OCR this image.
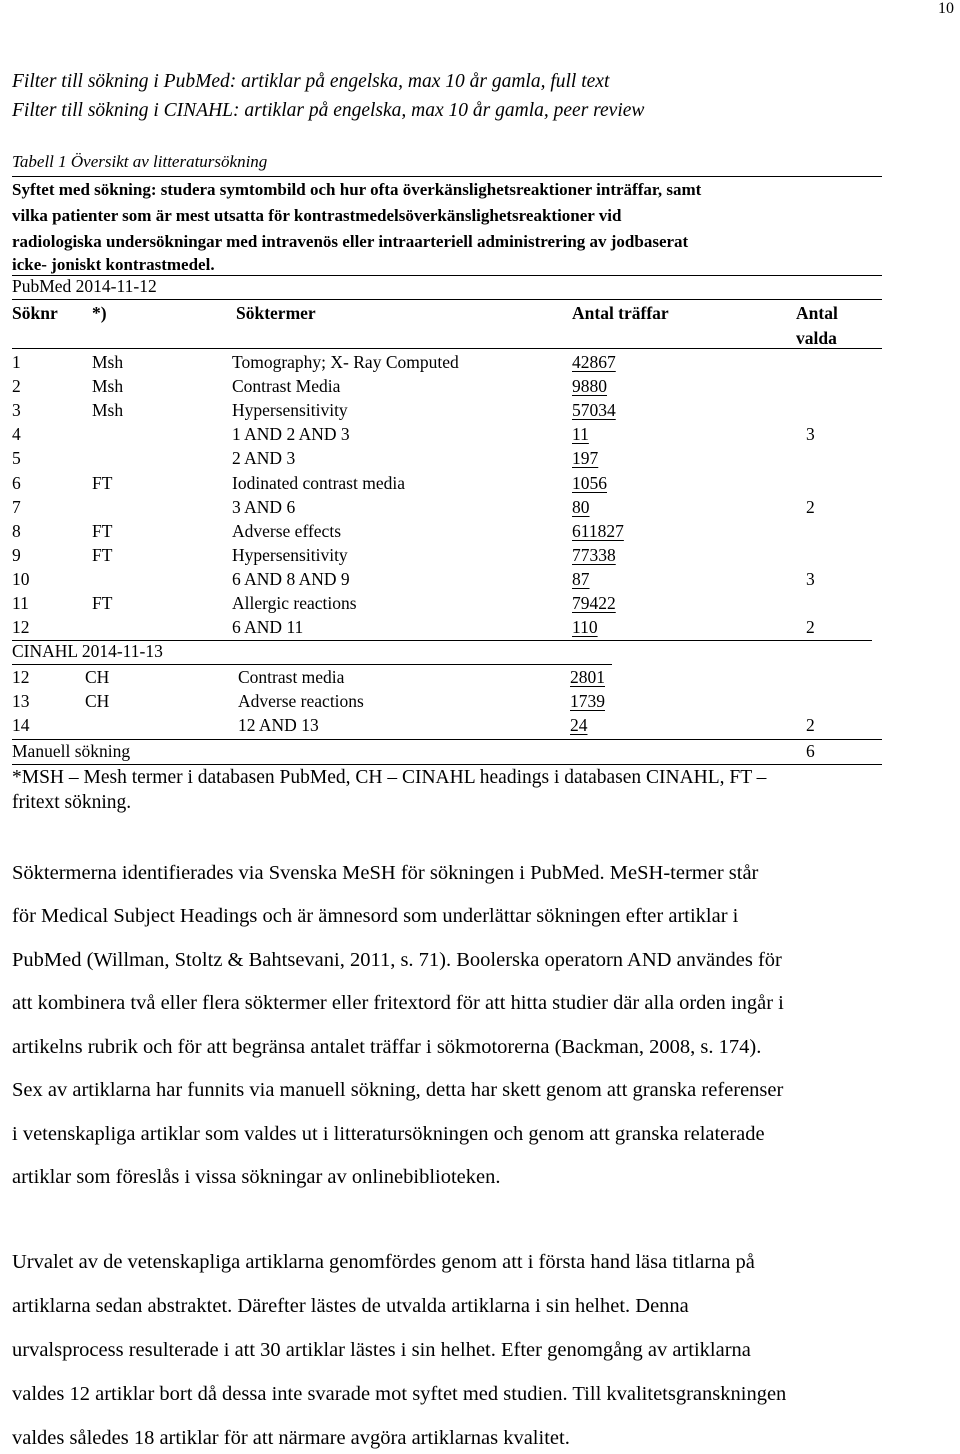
10
Filter till sökning i PubMed: artiklar på engelska, max 10 år gamla, full text
Filter till sökning i CINAHL: artiklar på engelska, max 10 år gamla, peer review
Tabell 1 Översikt av litteratursökning
Syftet med sökning: studera symtombild och hur ofta överkänslighetsreaktioner inträffar, samt
vilka patienter som är mest utsatta för kontrastmedelsöverkänslighetsreaktioner vid
radiologiska undersökningar med intravenös eller intraarteriell administrering av jodbaserat
icke- joniskt kontrastmedel.
PubMed 2014-11-12
Söknr *)	Söktermer	Antal träffar	Antal
valda
1	Msh	Tomography; X- Ray Computed	42867
2	Msh	Contrast Media	9880
3	Msh	Hypersensitivity	57034
4	1 AND 2 AND 3	11	3
5	2 AND 3	197
6	FT	Iodinated contrast media	1056
7	3 AND 6	80	2
8	FT	Adverse effects	611827
9	FT	Hypersensitivity	77338
10	6 AND 8 AND 9	87	3
11	FT	Allergic reactions	79422
12	6 AND 11	110	2
CINAHL 2014-11-13
12	CH	Contrast media	2801
13	CH	Adverse reactions	1739
14	12 AND 13	24	2
Manuell sökning	6
*MSH – Mesh termer i databasen PubMed, CH – CINAHL headings i databasen CINAHL, FT –
fritext sökning.
Söktermerna identifierades via Svenska MeSH för sökningen i PubMed. MeSH-termer står
för Medical Subject Headings och är ämnesord som underlättar sökningen efter artiklar i
PubMed (Willman, Stoltz & Bahtsevani, 2011, s. 71). Boolerska operatorn AND användes för
att kombinera två eller flera söktermer eller fritextord för att hitta studier där alla orden ingår i
artikelns rubrik och för att begränsa antalet träffar i sökmotorerna (Backman, 2008, s. 174).
Sex av artiklarna har funnits via manuell sökning, detta har skett genom att granska referenser
i vetenskapliga artiklar som valdes ut i litteratursökningen och genom att granska relaterade
artiklar som föreslås i vissa sökningar av onlinebiblioteken.
Urvalet av de vetenskapliga artiklarna genomfördes genom att i första hand läsa titlarna på
artiklarna sedan abstraktet. Därefter lästes de utvalda artiklarna i sin helhet. Denna
urvalsprocess resulterade i att 30 artiklar lästes i sin helhet. Efter genomgång av artiklarna
valdes 12 artiklar bort då dessa inte svarade mot syftet med studien. Till kvalitetsgranskningen
valdes således 18 artiklar för att närmare avgöra artiklarnas kvalitet.
